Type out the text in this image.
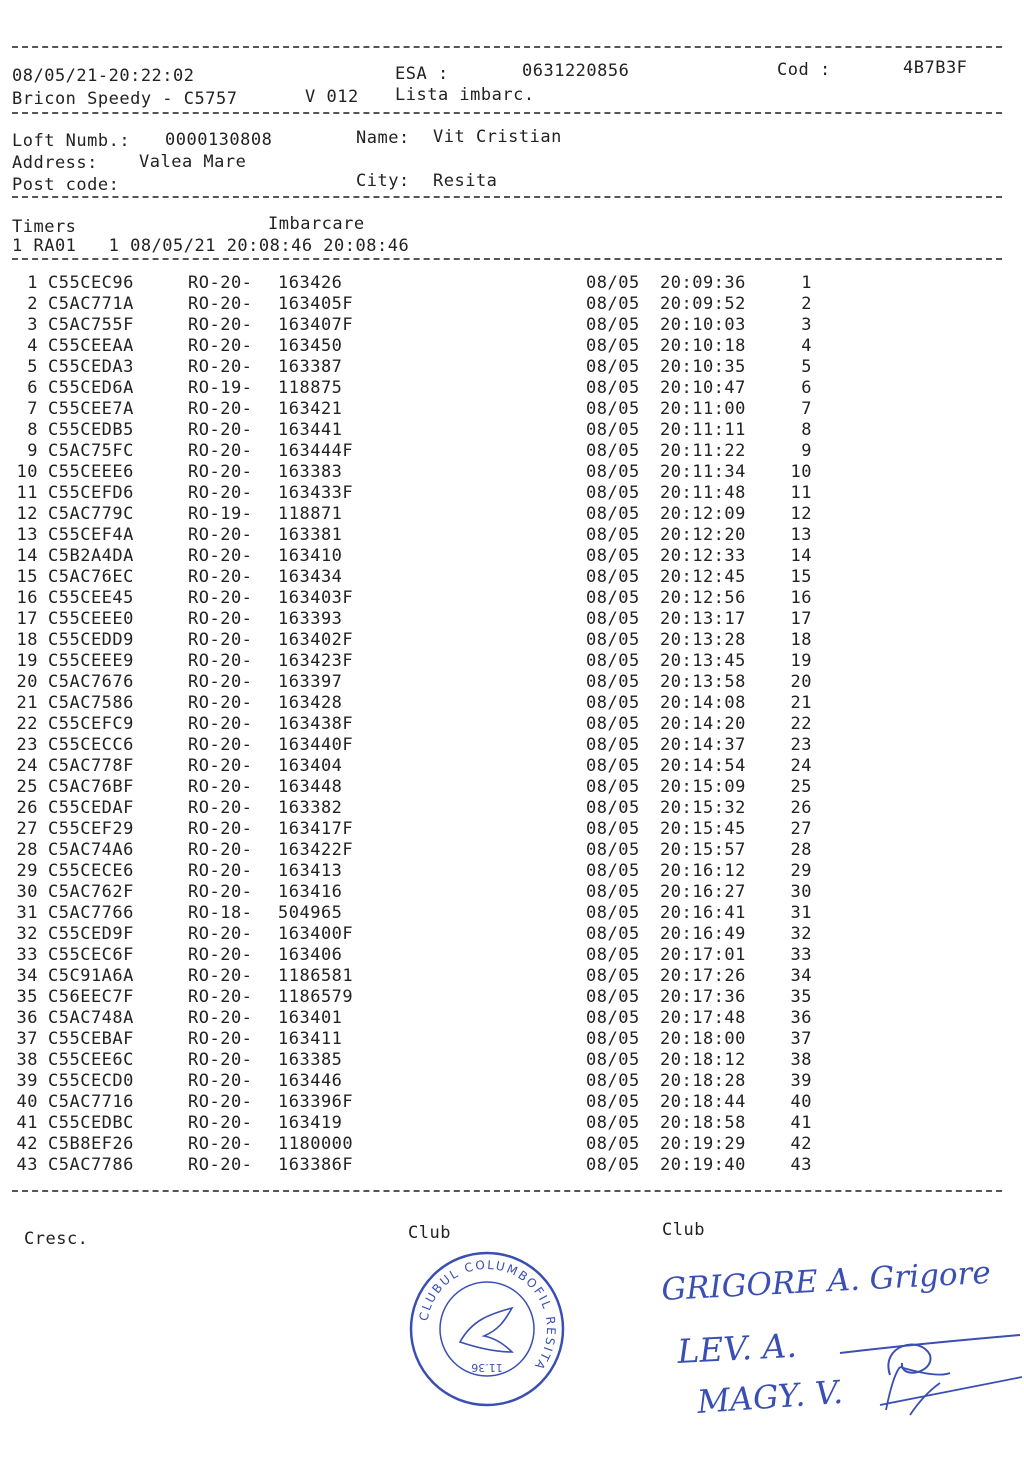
08/05/21-20:22:02	ESA :	0631220856	Cod :	4B7B3F
Bricon Speedy - C5757	V 012 Lista imbarc.
Loft Numb.: 0000130808	Name: Vit Cristian
Address: Valea Mare
Post code:	City: Resita
Timers	Imbarcare
1 RA01   1 08/05/21 20:08:46 20:08:46
1 C55CEC96	RO-20- 163426	08/05 20:09:36	1
2 C5AC771A	RO-20- 163405F	08/05 20:09:52	2
3 C5AC755F	RO-20- 163407F	08/05 20:10:03	3
4 C55CEEAA	RO-20- 163450	08/05 20:10:18	4
5 C55CEDA3	RO-20- 163387	08/05 20:10:35	5
6 C55CED6A	RO-19- 118875	08/05 20:10:47	6
7 C55CEE7A	RO-20- 163421	08/05 20:11:00	7
8 C55CEDB5	RO-20- 163441	08/05 20:11:11	8
9 C5AC75FC	RO-20- 163444F	08/05 20:11:22	9
10 C55CEEE6	RO-20- 163383	08/05 20:11:34	10
11 C55CEFD6	RO-20- 163433F	08/05 20:11:48	11
12 C5AC779C	RO-19- 118871	08/05 20:12:09	12
13 C55CEF4A	RO-20- 163381	08/05 20:12:20	13
14 C5B2A4DA	RO-20- 163410	08/05 20:12:33	14
15 C5AC76EC	RO-20- 163434	08/05 20:12:45	15
16 C55CEE45	RO-20- 163403F	08/05 20:12:56	16
17 C55CEEE0	RO-20- 163393	08/05 20:13:17	17
18 C55CEDD9	RO-20- 163402F	08/05 20:13:28	18
19 C55CEEE9	RO-20- 163423F	08/05 20:13:45	19
20 C5AC7676	RO-20- 163397	08/05 20:13:58	20
21 C5AC7586	RO-20- 163428	08/05 20:14:08	21
22 C55CEFC9	RO-20- 163438F	08/05 20:14:20	22
23 C55CECC6	RO-20- 163440F	08/05 20:14:37	23
24 C5AC778F	RO-20- 163404	08/05 20:14:54	24
25 C5AC76BF	RO-20- 163448	08/05 20:15:09	25
26 C55CEDAF	RO-20- 163382	08/05 20:15:32	26
27 C55CEF29	RO-20- 163417F	08/05 20:15:45	27
28 C5AC74A6	RO-20- 163422F	08/05 20:15:57	28
29 C55CECE6	RO-20- 163413	08/05 20:16:12	29
30 C5AC762F	RO-20- 163416	08/05 20:16:27	30
31 C5AC7766	RO-18- 504965	08/05 20:16:41	31
32 C55CED9F	RO-20- 163400F	08/05 20:16:49	32
33 C55CEC6F	RO-20- 163406	08/05 20:17:01	33
34 C5C91A6A	RO-20- 1186581	08/05 20:17:26	34
35 C56EEC7F	RO-20- 1186579	08/05 20:17:36	35
36 C5AC748A	RO-20- 163401	08/05 20:17:48	36
37 C55CEBAF	RO-20- 163411	08/05 20:18:00	37
38 C55CEE6C	RO-20- 163385	08/05 20:18:12	38
39 C55CECD0	RO-20- 163446	08/05 20:18:28	39
40 C5AC7716	RO-20- 163396F	08/05 20:18:44	40
41 C55CEDBC	RO-20- 163419	08/05 20:18:58	41
42 C5B8EF26	RO-20- 1180000	08/05 20:19:29	42
43 C5AC7786	RO-20- 163386F	08/05 20:19:40	43
Cresc.	Club	Club
CLUBUL COLUMBOFIL RESITA
11.36
GRIGORE A. Grigore
LEV. A.
MAGY. V.
